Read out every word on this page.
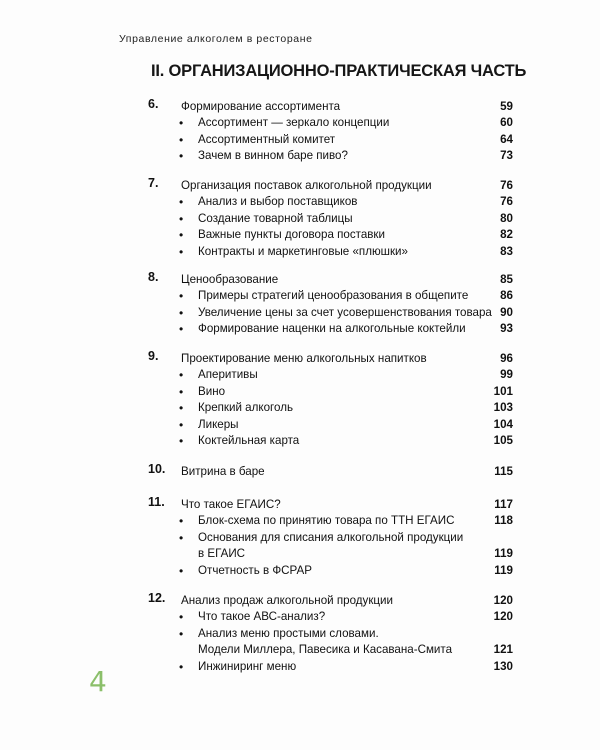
Управление алкоголем в ресторане
II. ОРГАНИЗАЦИОННО-ПРАКТИЧЕСКАЯ ЧАСТЬ
6. Формирование ассортимента	59
• Ассортимент — зеркало концепции	60
• Ассортиментный комитет	64
• Зачем в винном баре пиво?	73
7. Организация поставок алкогольной продукции	76
• Анализ и выбор поставщиков	76
• Создание товарной таблицы	80
• Важные пункты договора поставки	82
• Контракты и маркетинговые «плюшки»	83
8. Ценообразование	85
• Примеры стратегий ценообразования в общепите	86
• Увеличение цены за счет усовершенствования товара 90
• Формирование наценки на алкогольные коктейли	93
9. Проектирование меню алкогольных напитков	96
• Аперитивы	99
• Вино	101
• Крепкий алкоголь	103
• Ликеры	104
• Коктейльная карта	105
10. Витрина в баре	115
11. Что такое ЕГАИС?	117
• Блок-схема по принятию товара по ТТН ЕГАИС	118
• Основания для списания алкогольной продукции
в ЕГАИС	119
• Отчетность в ФСРАР	119
12. Анализ продаж алкогольной продукции	120
• Что такое АВС-анализ?	120
• Анализ меню простыми словами.
Модели Миллера, Павесика и Касавана-Смита	121
• Инжиниринг меню	130
4
